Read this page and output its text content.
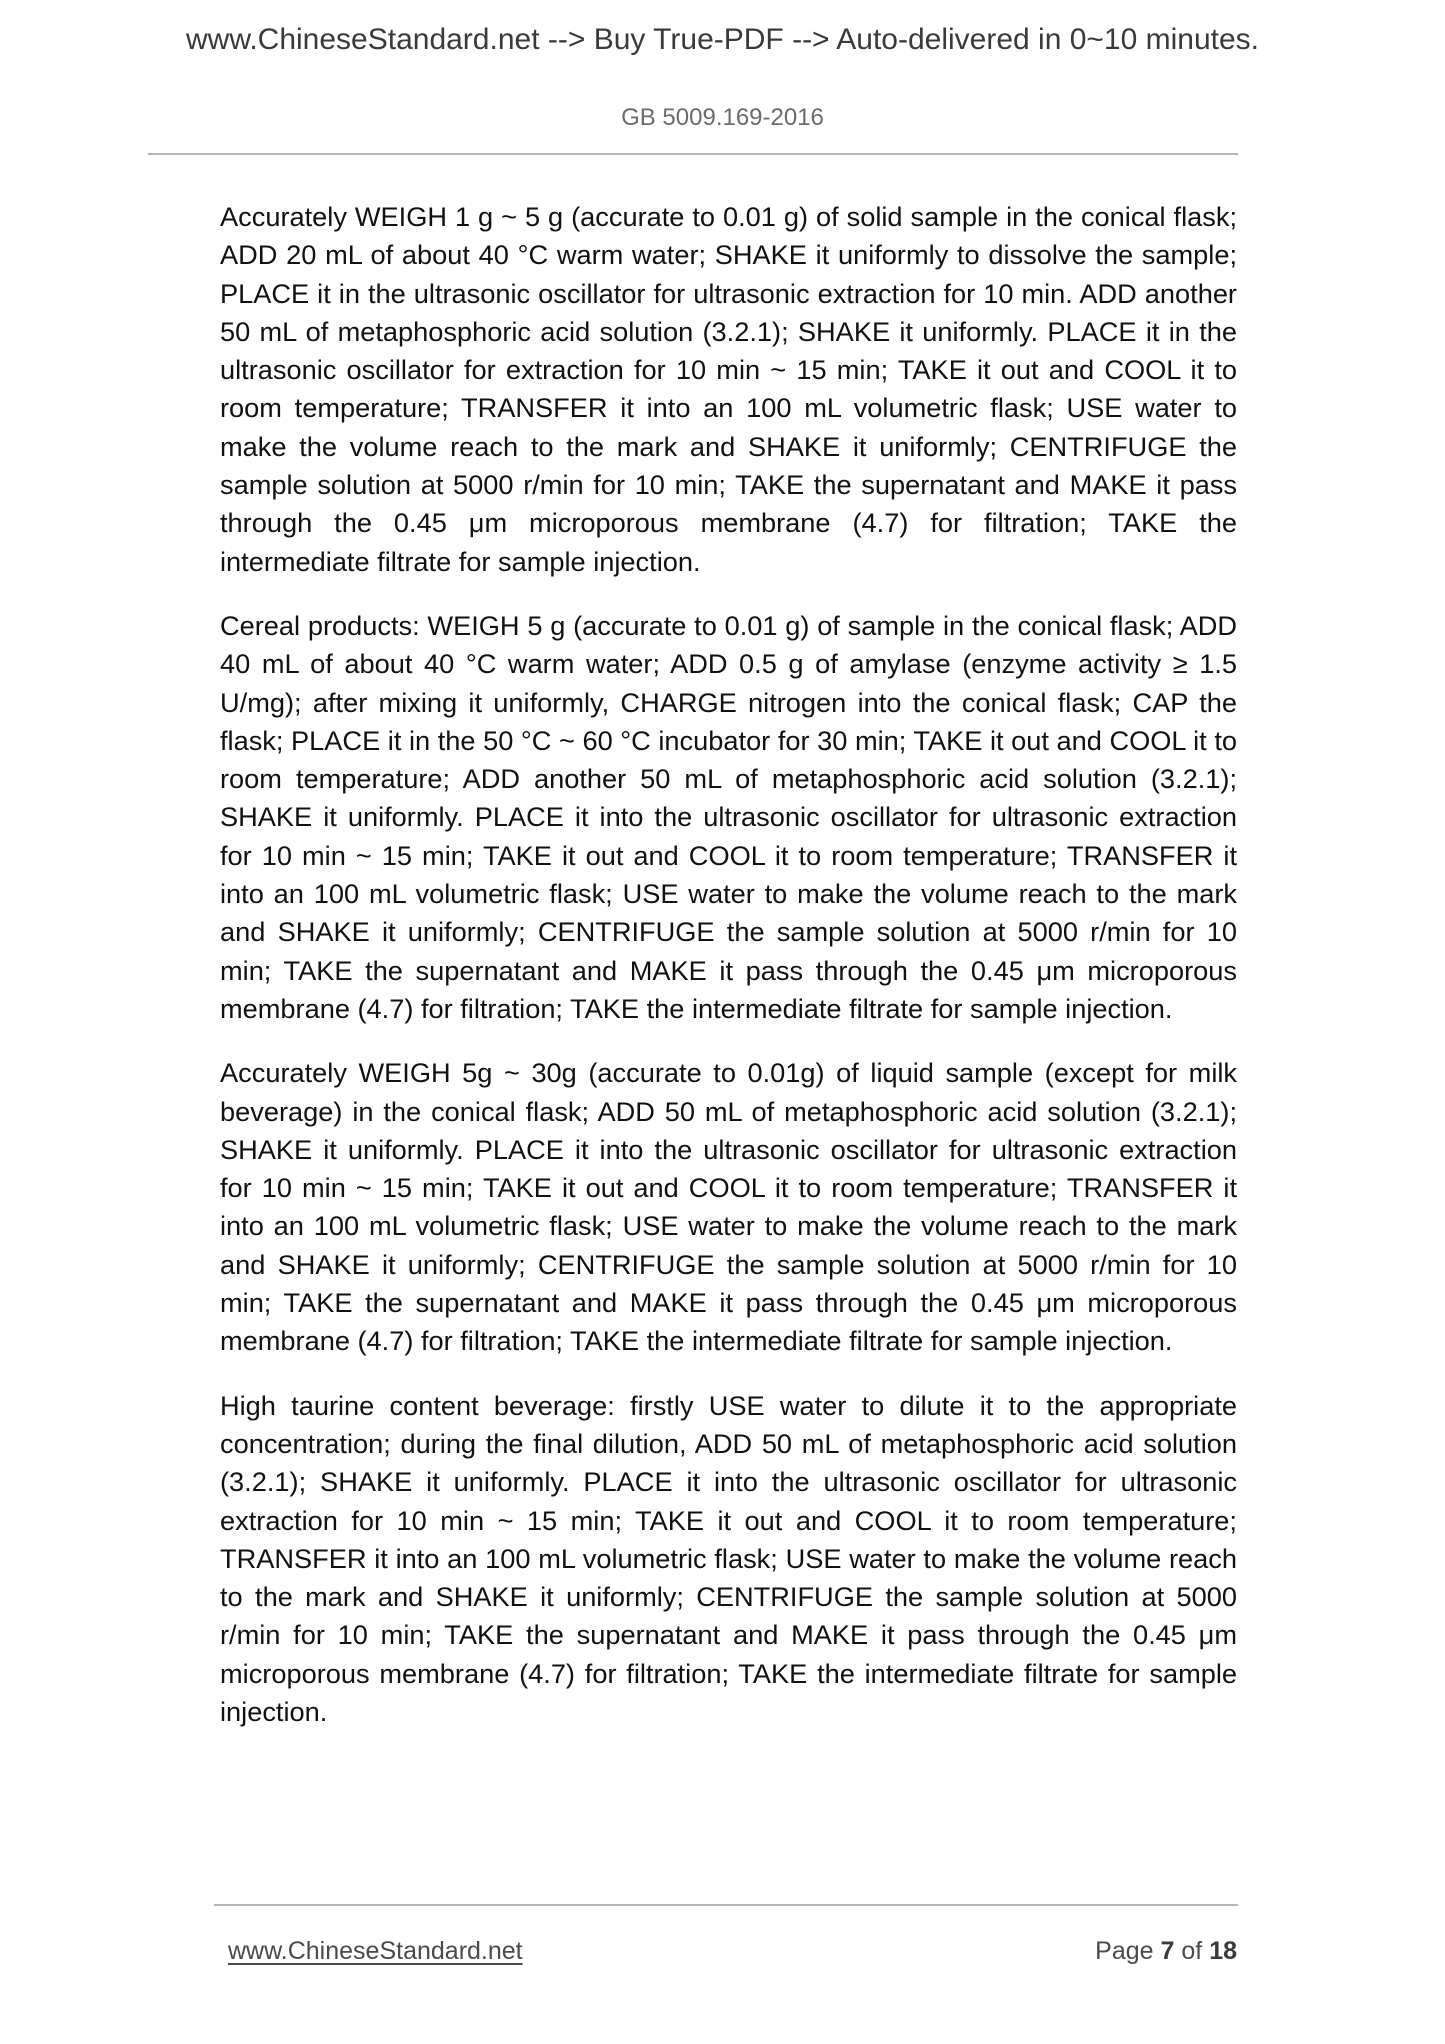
www.ChineseStandard.net --> Buy True-PDF --> Auto-delivered in 0~10 minutes.
GB 5009.169-2016

Accurately WEIGH 1 g ~ 5 g (accurate to 0.01 g) of solid sample in the conical flask; ADD 20 mL of about 40 °C warm water; SHAKE it uniformly to dissolve the sample; PLACE it in the ultrasonic oscillator for ultrasonic extraction for 10 min. ADD another 50 mL of metaphosphoric acid solution (3.2.1); SHAKE it uniformly. PLACE it in the ultrasonic oscillator for extraction for 10 min ~ 15 min; TAKE it out and COOL it to room temperature; TRANSFER it into an 100 mL volumetric flask; USE water to make the volume reach to the mark and SHAKE it uniformly; CENTRIFUGE the sample solution at 5000 r/min for 10 min; TAKE the supernatant and MAKE it pass through the 0.45 μm microporous membrane (4.7) for filtration; TAKE the intermediate filtrate for sample injection.

Cereal products: WEIGH 5 g (accurate to 0.01 g) of sample in the conical flask; ADD 40 mL of about 40 °C warm water; ADD 0.5 g of amylase (enzyme activity ≥ 1.5 U/mg); after mixing it uniformly, CHARGE nitrogen into the conical flask; CAP the flask; PLACE it in the 50 °C ~ 60 °C incubator for 30 min; TAKE it out and COOL it to room temperature; ADD another 50 mL of metaphosphoric acid solution (3.2.1); SHAKE it uniformly. PLACE it into the ultrasonic oscillator for ultrasonic extraction for 10 min ~ 15 min; TAKE it out and COOL it to room temperature; TRANSFER it into an 100 mL volumetric flask; USE water to make the volume reach to the mark and SHAKE it uniformly; CENTRIFUGE the sample solution at 5000 r/min for 10 min; TAKE the supernatant and MAKE it pass through the 0.45 μm microporous membrane (4.7) for filtration; TAKE the intermediate filtrate for sample injection.

Accurately WEIGH 5g ~ 30g (accurate to 0.01g) of liquid sample (except for milk beverage) in the conical flask; ADD 50 mL of metaphosphoric acid solution (3.2.1); SHAKE it uniformly. PLACE it into the ultrasonic oscillator for ultrasonic extraction for 10 min ~ 15 min; TAKE it out and COOL it to room temperature; TRANSFER it into an 100 mL volumetric flask; USE water to make the volume reach to the mark and SHAKE it uniformly; CENTRIFUGE the sample solution at 5000 r/min for 10 min; TAKE the supernatant and MAKE it pass through the 0.45 μm microporous membrane (4.7) for filtration; TAKE the intermediate filtrate for sample injection.

High taurine content beverage: firstly USE water to dilute it to the appropriate concentration; during the final dilution, ADD 50 mL of metaphosphoric acid solution (3.2.1); SHAKE it uniformly. PLACE it into the ultrasonic oscillator for ultrasonic extraction for 10 min ~ 15 min; TAKE it out and COOL it to room temperature; TRANSFER it into an 100 mL volumetric flask; USE water to make the volume reach to the mark and SHAKE it uniformly; CENTRIFUGE the sample solution at 5000 r/min for 10 min; TAKE the supernatant and MAKE it pass through the 0.45 μm microporous membrane (4.7) for filtration; TAKE the intermediate filtrate for sample injection.

www.ChineseStandard.net	Page 7 of 18
